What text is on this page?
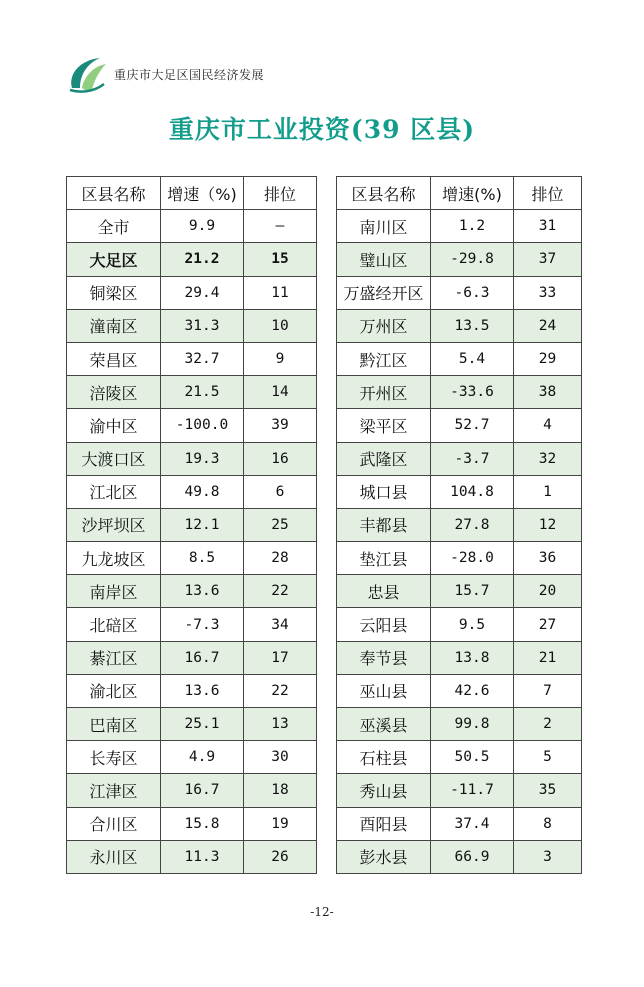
重庆市大足区国民经济发展
重庆市工业投资(39 区县)
区县名称	增速（%)	排位
全市	9.9	—
大足区	21.2	15
铜梁区	29.4	11
潼南区	31.3	10
荣昌区	32.7	9
涪陵区	21.5	14
渝中区	-100.0	39
大渡口区	19.3	16
江北区	49.8	6
沙坪坝区	12.1	25
九龙坡区	8.5	28
南岸区	13.6	22
北碚区	-7.3	34
綦江区	16.7	17
渝北区	13.6	22
巴南区	25.1	13
长寿区	4.9	30
江津区	16.7	18
合川区	15.8	19
永川区	11.3	26
区县名称	增速(%)	排位
南川区	1.2	31
璧山区	-29.8	37
万盛经开区	-6.3	33
万州区	13.5	24
黔江区	5.4	29
开州区	-33.6	38
梁平区	52.7	4
武隆区	-3.7	32
城口县	104.8	1
丰都县	27.8	12
垫江县	-28.0	36
忠县	15.7	20
云阳县	9.5	27
奉节县	13.8	21
巫山县	42.6	7
巫溪县	99.8	2
石柱县	50.5	5
秀山县	-11.7	35
酉阳县	37.4	8
彭水县	66.9	3
-12-
